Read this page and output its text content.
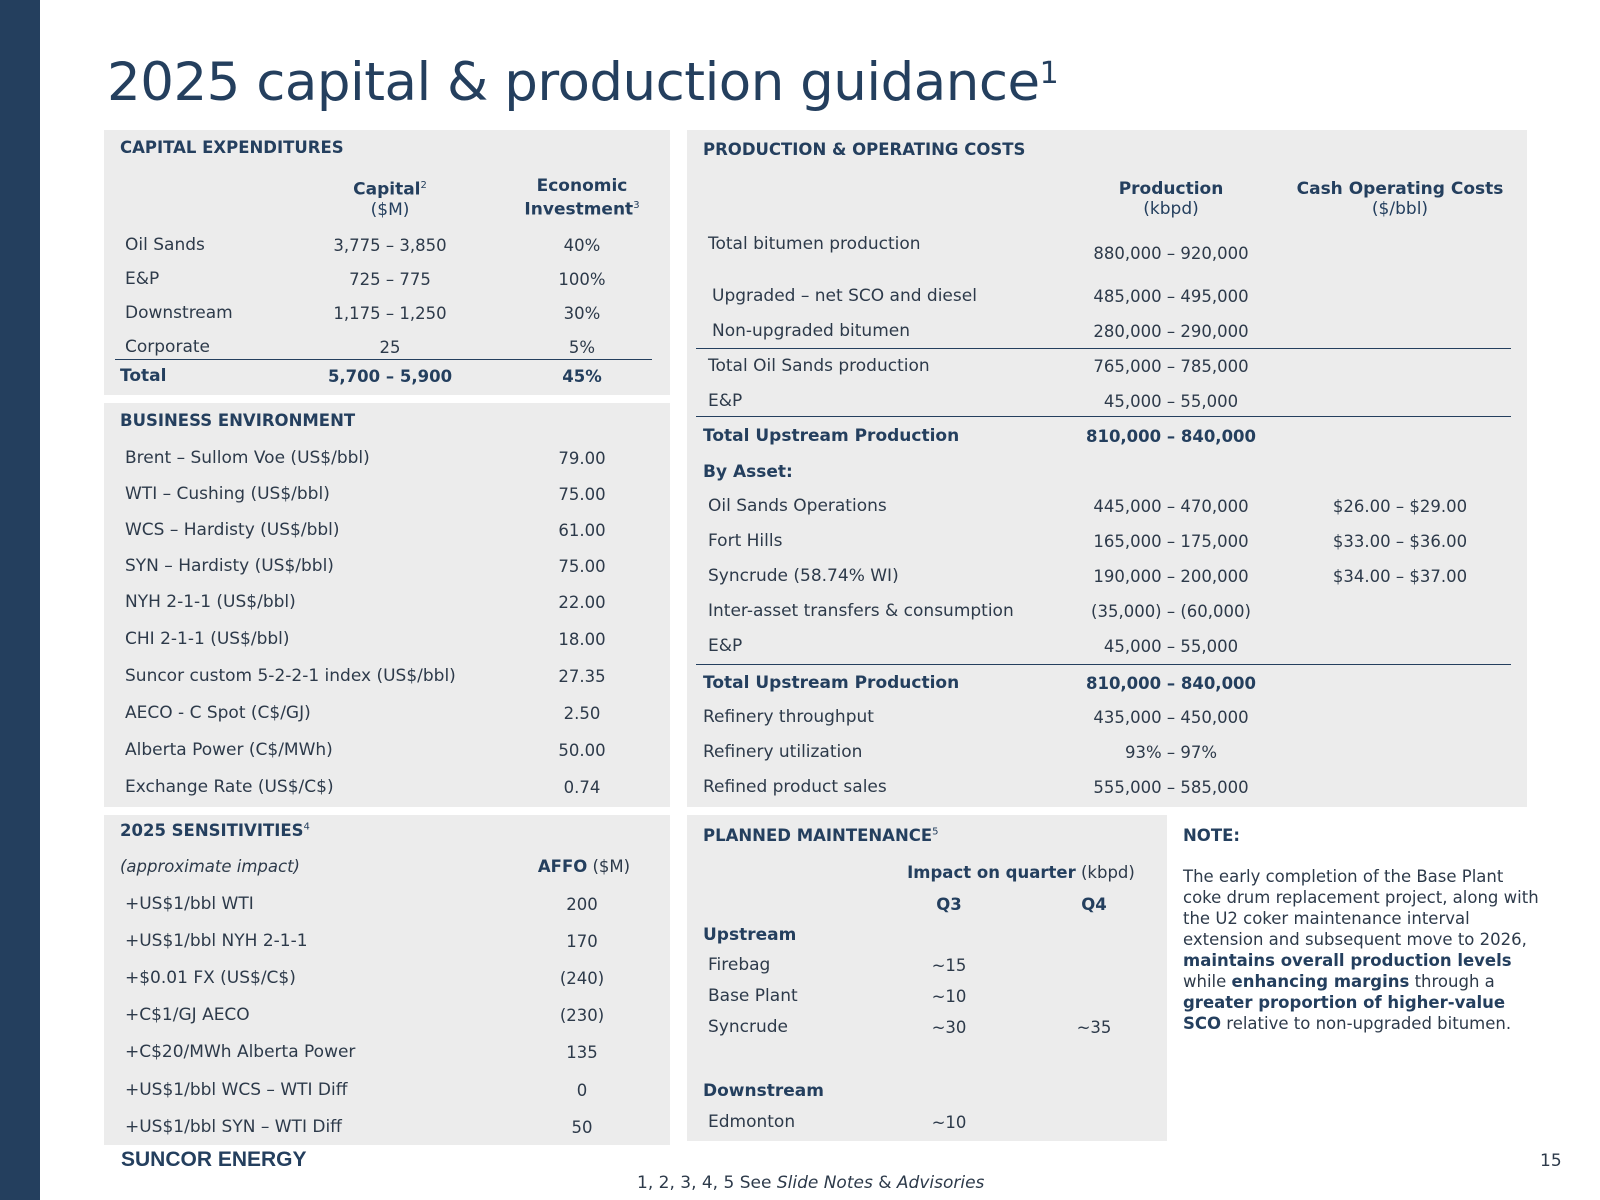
2025 capital & production guidance$^1$
CAPITAL EXPENDITURES
Capital$^2$
($M)
Economic
Investment$^3$
Oil Sands	3,775 – 3,850	40%
E&P	725 – 775	100%
Downstream	1,175 – 1,250	30%
Corporate	25	5%
Total	5,700 – 5,900	45%
BUSINESS ENVIRONMENT
Brent – Sullom Voe (US$/bbl)	79.00
WTI – Cushing (US$/bbl)	75.00
WCS – Hardisty (US$/bbl)	61.00
SYN – Hardisty (US$/bbl)	75.00
NYH 2-1-1 (US$/bbl)	22.00
CHI 2-1-1 (US$/bbl)	18.00
Suncor custom 5-2-2-1 index (US$/bbl)	27.35
AECO - C Spot (C$/GJ)	2.50
Alberta Power (C$/MWh)	50.00
Exchange Rate (US$/C$)	0.74
2025 SENSITIVITIES$^4$
(approximate impact)	AFFO ($M)
+US$1/bbl WTI	200
+US$1/bbl NYH 2-1-1	170
+$0.01 FX (US$/C$)	(240)
+C$1/GJ AECO	(230)
+C$20/MWh Alberta Power	135
+US$1/bbl WCS – WTI Diff	0
+US$1/bbl SYN – WTI Diff	50
PRODUCTION & OPERATING COSTS
Production
(kbpd)
Cash Operating Costs
($/bbl)
Total bitumen production	880,000 – 920,000
Upgraded – net SCO and diesel	485,000 – 495,000
Non-upgraded bitumen	280,000 – 290,000
Total Oil Sands production	765,000 – 785,000
E&P	45,000 – 55,000
Total Upstream Production	810,000 – 840,000
By Asset:
Oil Sands Operations	445,000 – 470,000	$26.00 – $29.00
Fort Hills	165,000 – 175,000	$33.00 – $36.00
Syncrude (58.74% WI)	190,000 – 200,000	$34.00 – $37.00
Inter-asset transfers & consumption	(35,000) – (60,000)
E&P	45,000 – 55,000
Total Upstream Production	810,000 – 840,000
Refinery throughput	435,000 – 450,000
Refinery utilization	93% – 97%
Refined product sales	555,000 – 585,000
PLANNED MAINTENANCE$^5$
Impact on quarter (kbpd)
Q3	Q4
Upstream
Firebag	~15
Base Plant	~10
Syncrude	~30	~35
Downstream
Edmonton	~10
NOTE:
The early completion of the Base Plant coke drum replacement project, along with the U2 coker maintenance interval extension and subsequent move to 2026, maintains overall production levels while enhancing margins through a greater proportion of higher-value SCO relative to non-upgraded bitumen.
SUNCOR ENERGY	15
1, 2, 3, 4, 5 See Slide Notes & Advisories
